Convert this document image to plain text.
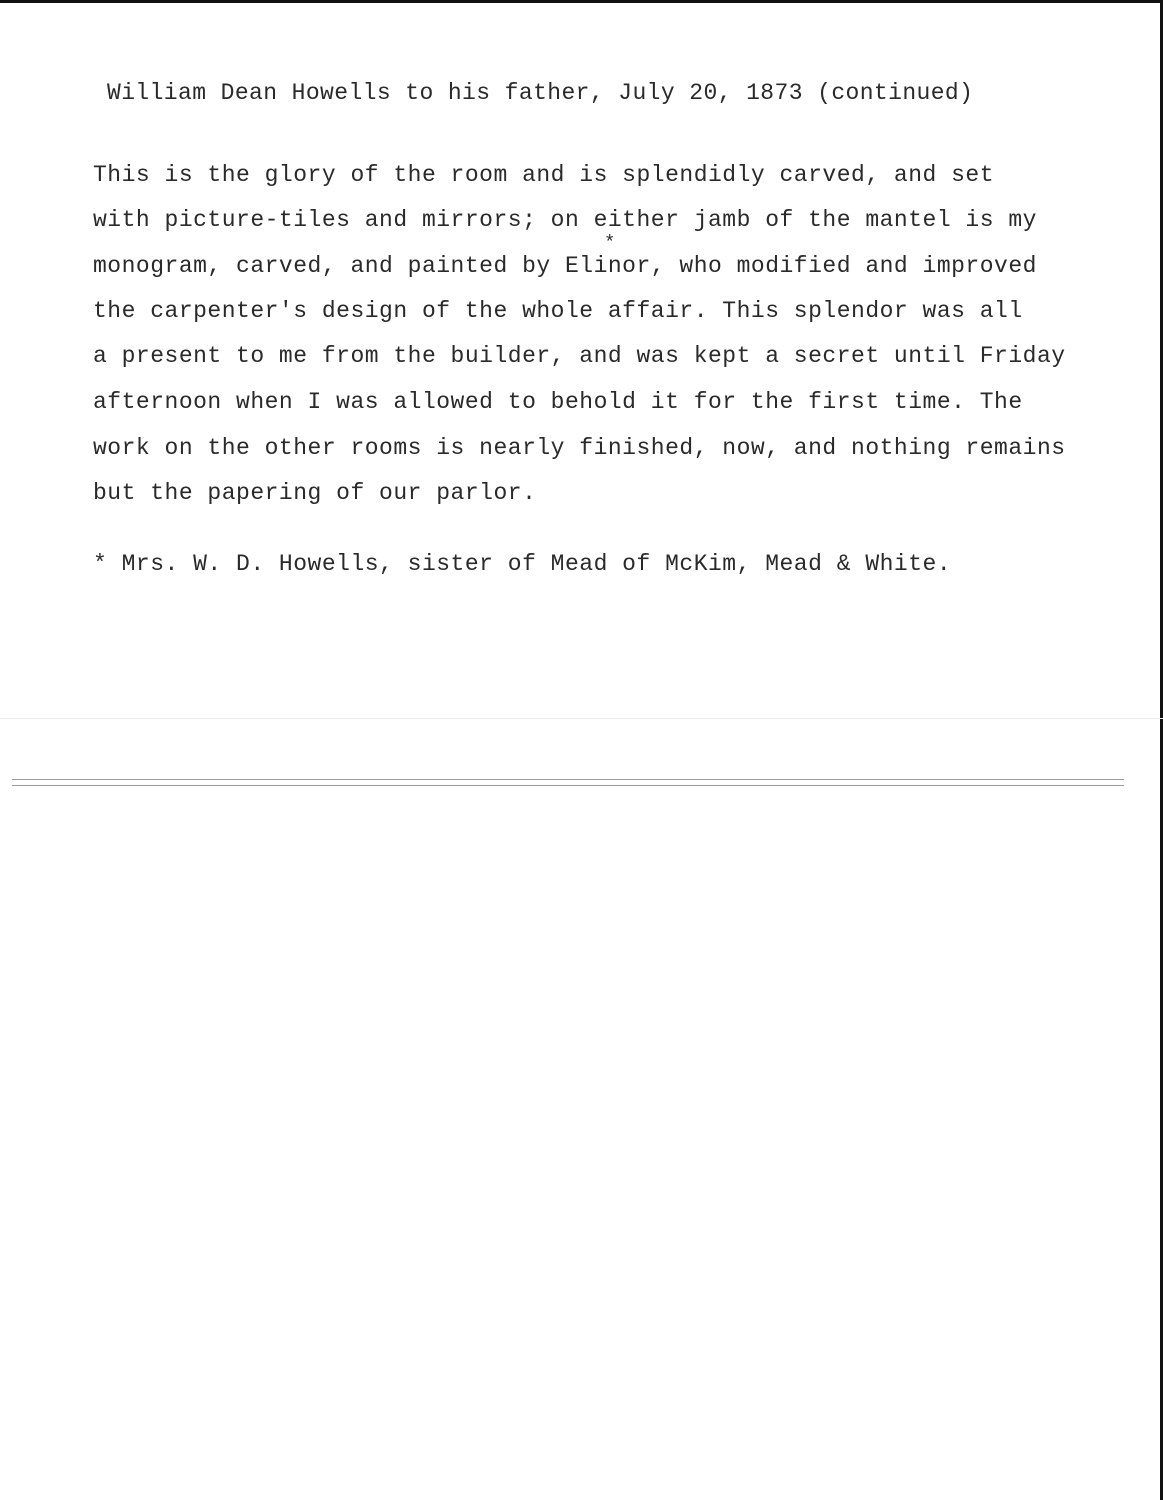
William Dean Howells to his father, July 20, 1873 (continued)
This is the glory of the room and is splendidly carved, and set
with picture-tiles and mirrors; on either jamb of the mantel is my
*
monogram, carved, and painted by Elinor, who modified and improved
the carpenter's design of the whole affair. This splendor was all
a present to me from the builder, and was kept a secret until Friday
afternoon when I was allowed to behold it for the first time. The
work on the other rooms is nearly finished, now, and nothing remains
but the papering of our parlor.
* Mrs. W. D. Howells, sister of Mead of McKim, Mead & White.
